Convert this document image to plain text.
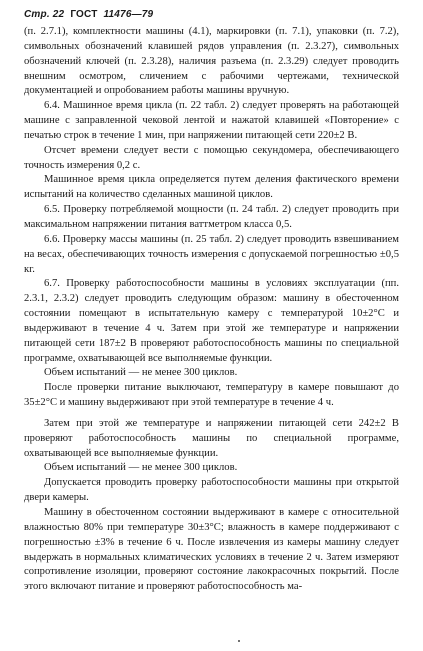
Стр. 22 ГОСТ 11476—79

(п. 2.7.1), комплектности машины (4.1), маркировки (п. 7.1), упаковки (п. 7.2), символьных обозначений клавишей рядов управления (п. 2.3.27), символьных обозначений ключей (п. 2.3.28), наличия разъема (п. 2.3.29) следует проводить внешним осмотром, сличением с рабочими чертежами, технической документацией и опробованием работы машины вручную.

6.4. Машинное время цикла (п. 22 табл. 2) следует проверять на работающей машине с заправленной чековой лентой и нажатой клавишей «Повторение» с печатью строк в течение 1 мин, при напряжении питающей сети 220±2 В.

Отсчет времени следует вести с помощью секундомера, обеспечивающего точность измерения 0,2 с.

Машинное время цикла определяется путем деления фактического времени испытаний на количество сделанных машиной циклов.

6.5. Проверку потребляемой мощности (п. 24 табл. 2) следует проводить при максимальном напряжении питания ваттметром класса 0,5.

6.6. Проверку массы машины (п. 25 табл. 2) следует проводить взвешиванием на весах, обеспечивающих точность измерения с допускаемой погрешностью ±0,5 кг.

6.7. Проверку работоспособности машины в условиях эксплуатации (пп. 2.3.1, 2.3.2) следует проводить следующим образом: машину в обесточенном состоянии помещают в испытательную камеру с температурой 10±2°С и выдерживают в течение 4 ч. Затем при этой же температуре и напряжении питающей сети 187±2 В проверяют работоспособность машины по специальной программе, охватывающей все выполняемые функции.

Объем испытаний — не менее 300 циклов.

После проверки питание выключают, температуру в камере повышают до 35±2°С и машину выдерживают при этой температуре в течение 4 ч.

Затем при этой же температуре и напряжении питающей сети 242±2 В проверяют работоспособность машины по специальной программе, охватывающей все выполняемые функции.

Объем испытаний — не менее 300 циклов.

Допускается проводить проверку работоспособности машины при открытой двери камеры.

Машину в обесточенном состоянии выдерживают в камере с относительной влажностью 80% при температуре 30±3°С; влажность в камере поддерживают с погрешностью ±3% в течение 6 ч. После извлечения из камеры машину следует выдержать в нормальных климатических условиях в течение 2 ч. Затем измеряют сопротивление изоляции, проверяют состояние лакокрасочных покрытий. После этого включают питание и проверяют работоспособность ма-
